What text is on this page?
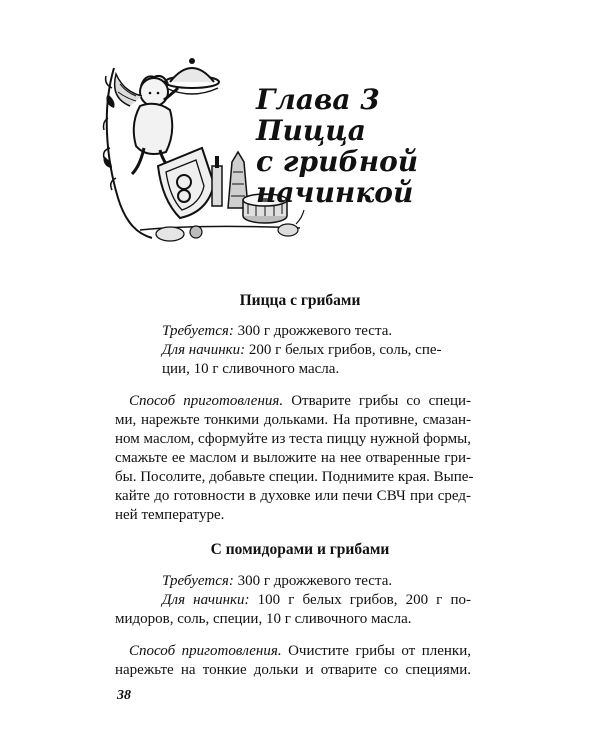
Глава 3
Пицца
с грибной
начинкой
Пицца с грибами
Требуется: 300 г дрожжевого теста.
Для начинки: 200 г белых грибов, соль, спе-
ции, 10 г сливочного масла.
Способ приготовления. Отварите грибы со специ-
ми, нарежьте тонкими дольками. На противне, смазан-
ном маслом, сформуйте из теста пиццу нужной формы,
смажьте ее маслом и выложите на нее отваренные гри-
бы. Посолите, добавьте специи. Поднимите края. Выпе-
кайте до готовности в духовке или печи СВЧ при сред-
ней температуре.
С помидорами и грибами
Требуется: 300 г дрожжевого теста.
Для начинки: 100 г белых грибов, 200 г по-
мидоров, соль, специи, 10 г сливочного масла.
Способ приготовления. Очистите грибы от пленки,
нарежьте на тонкие дольки и отварите со специями.
38
